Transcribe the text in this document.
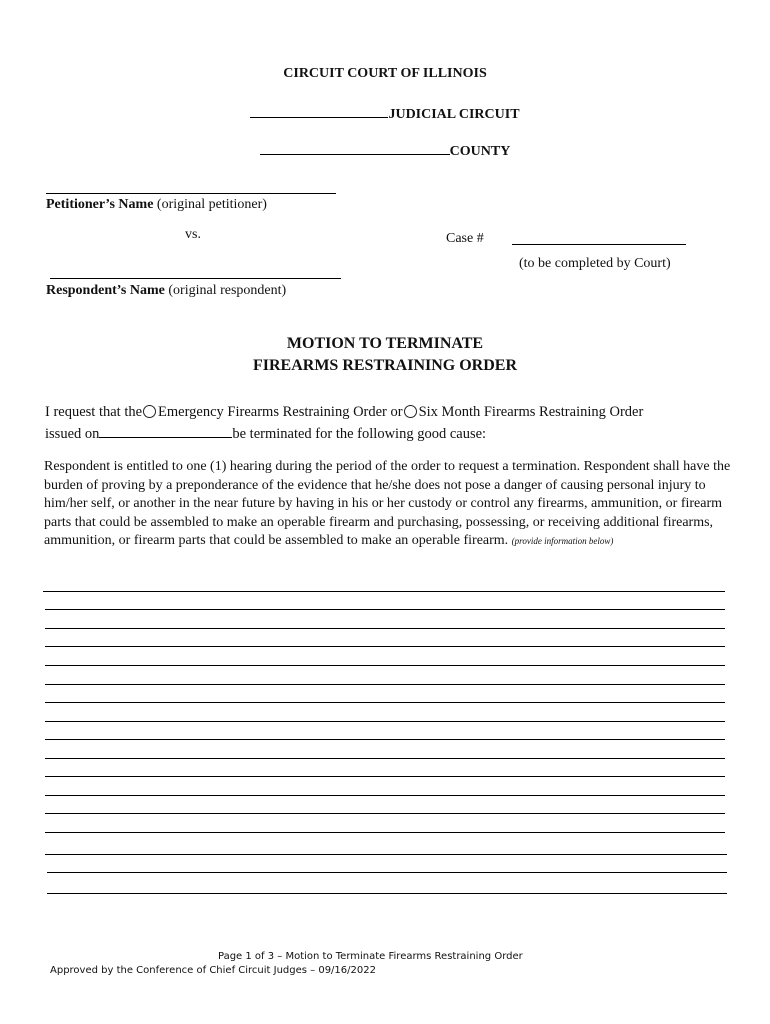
CIRCUIT COURT OF ILLINOIS
JUDICIAL CIRCUIT
COUNTY
Petitioner’s Name (original petitioner)
vs.	Case #
(to be completed by Court)
Respondent’s Name (original respondent)
MOTION TO TERMINATE
FIREARMS RESTRAINING ORDER
I request that the Emergency Firearms Restraining Order or Six Month Firearms Restraining Order
issued on	be terminated for the following good cause:
Respondent is entitled to one (1) hearing during the period of the order to request a termination. Respondent shall have the burden of proving by a preponderance of the evidence that he/she does not pose a danger of causing personal injury to him/her self, or another in the near future by having in his or her custody or control any firearms, ammunition, or firearm parts that could be assembled to make an operable firearm and purchasing, possessing, or receiving additional firearms, ammunition, or firearm parts that could be assembled to make an operable firearm. (provide information below)
Page 1 of 3 – Motion to Terminate Firearms Restraining Order
Approved by the Conference of Chief Circuit Judges – 09/16/2022
